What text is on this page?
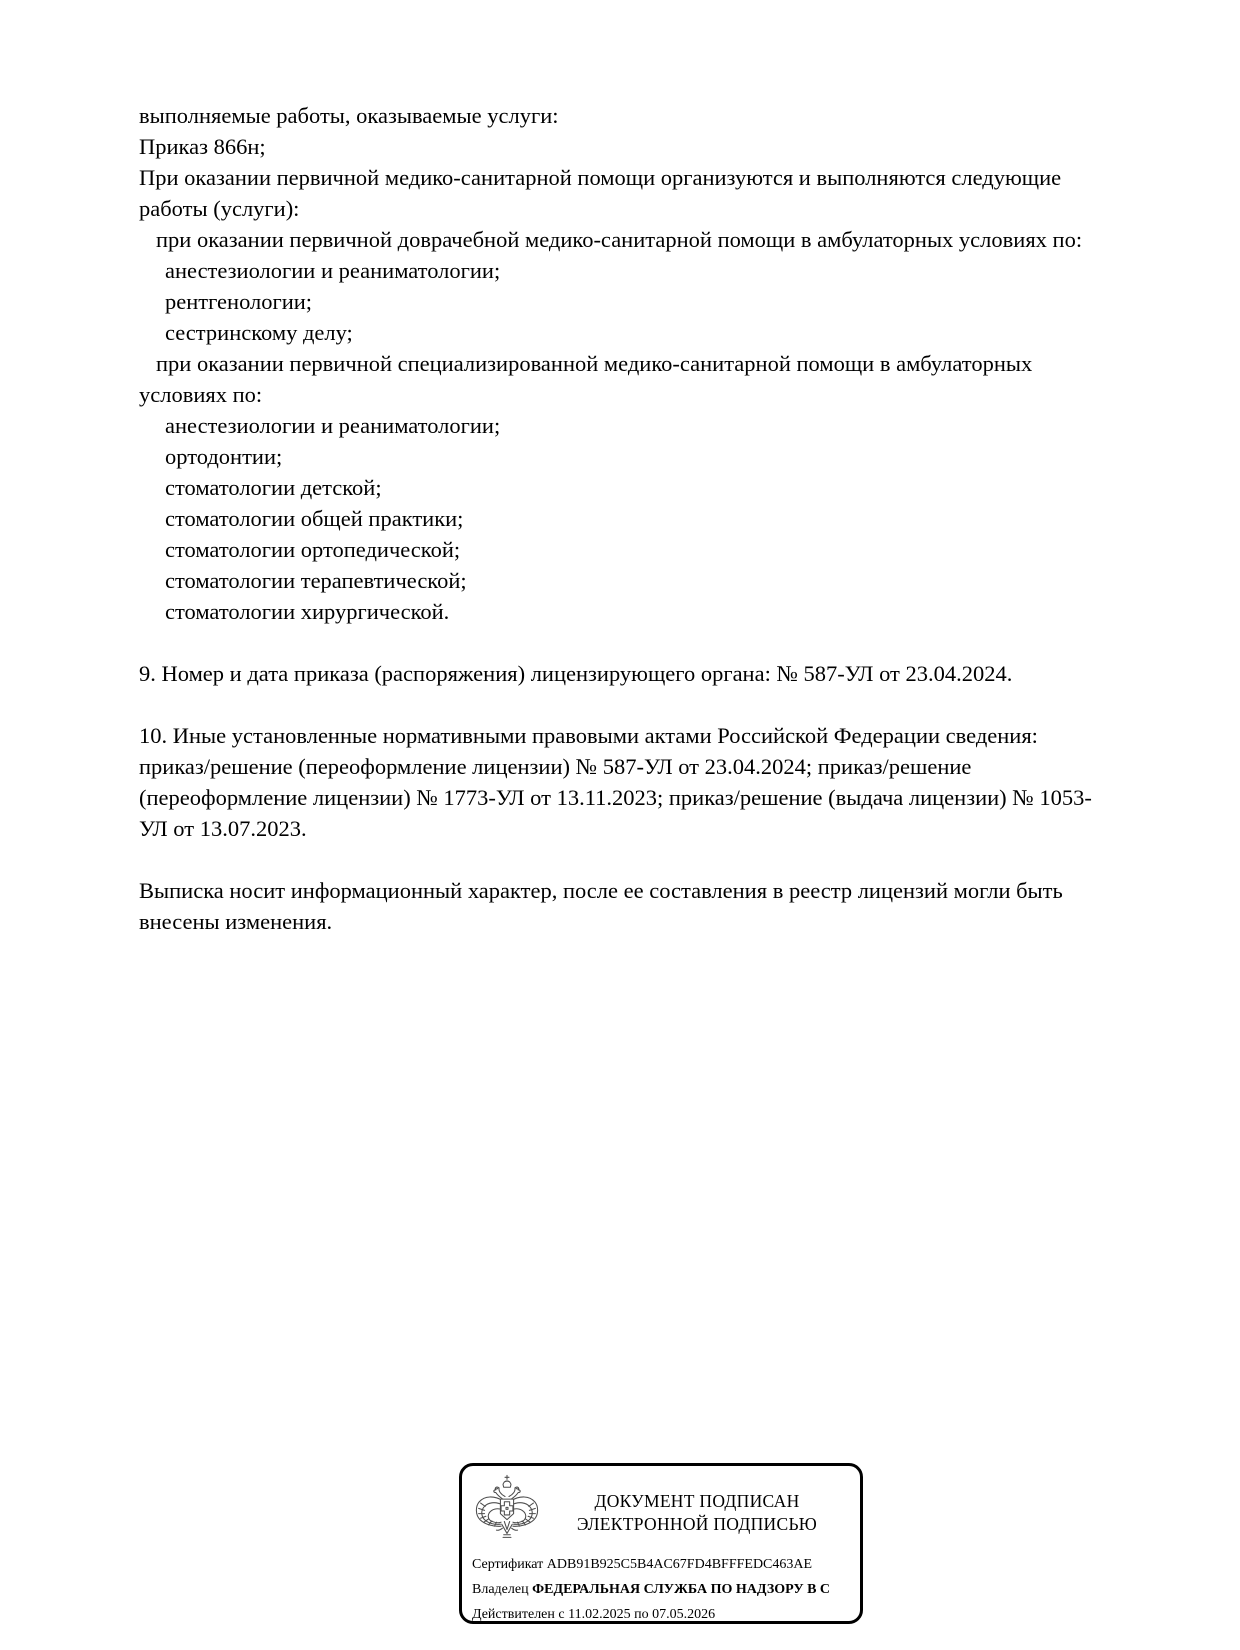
выполняемые работы, оказываемые услуги:

Приказ 866н;

При оказании первичной медико-санитарной помощи организуются и выполняются следующие работы (услуги):

при оказании первичной доврачебной медико-санитарной помощи в амбулаторных условиях по:

анестезиологии и реаниматологии;

рентгенологии;

сестринскому делу;

при оказании первичной специализированной медико-санитарной помощи в амбулаторных условиях по:

анестезиологии и реаниматологии;

ортодонтии;

стоматологии детской;

стоматологии общей практики;

стоматологии ортопедической;

стоматологии терапевтической;

стоматологии хирургической.

9. Номер и дата приказа (распоряжения) лицензирующего органа: № 587-УЛ от 23.04.2024.

10. Иные установленные нормативными правовыми актами Российской Федерации сведения: приказ/решение (переоформление лицензии) № 587-УЛ от 23.04.2024; приказ/решение (переоформление лицензии) № 1773-УЛ от 13.11.2023; приказ/решение (выдача лицензии) № 1053-УЛ от 13.07.2023.

Выписка носит информационный характер, после ее составления в реестр лицензий могли быть внесены изменения.

ДОКУМЕНТ ПОДПИСАН
ЭЛЕКТРОННОЙ ПОДПИСЬЮ
Сертификат ADB91B925C5B4AC67FD4BFFFEDC463AE
Владелец ФЕДЕРАЛЬНАЯ СЛУЖБА ПО НАДЗОРУ В С
Действителен с 11.02.2025 по 07.05.2026
